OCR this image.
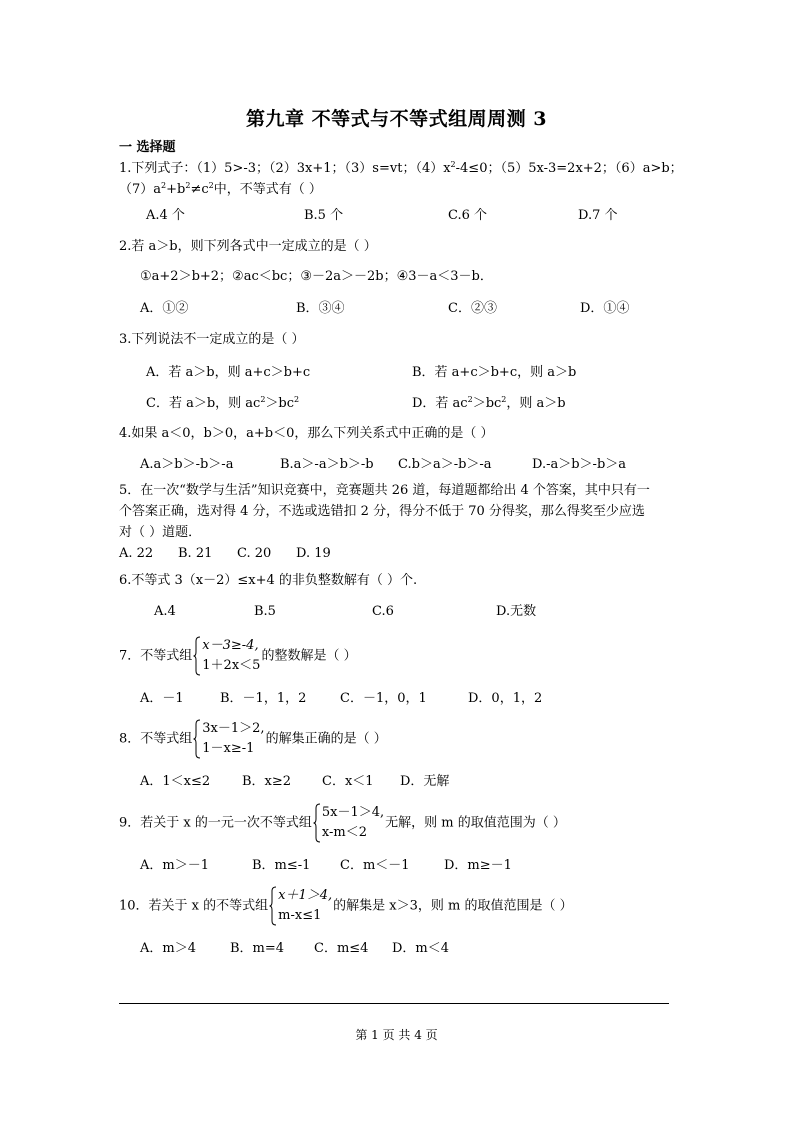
第九章 不等式与不等式组周周测 3
一 选择题
1.下列式子：（1）5>-3；（2）3x+1；（3）s=vt；$(4)x^2-4\le 0$；（5）5x-3=2x+2；（6）a>b；
$(7)a^2+b^2\ne c^2$中，不等式有（ ）
A.4 个	B.5 个	C.6 个	D.7 个
2.若 a＞b，则下列各式中一定成立的是（ ）
①a+2＞b+2；②ac＜bc；③－2a＞－2b；④3－a＜3－b．
A．①②	B．③④	C．②③	D．①④
3.下列说法不一定成立的是（ ）
A．若 a＞b，则 a+c＞b+c	B．若 a+c＞b+c，则 a＞b
C．若 a＞b，则 $ac^2>bc^2$	D．若 $ac^2>bc^2$，则 a＞b
4.如果 a＜0，b＞0，a+b＜0，那么下列关系式中正确的是（ ）
A.a＞b＞-b＞-a	B.a＞-a＞b＞-b C.b＞a＞-b＞-a	D.-a＞b＞-b＞a
5．在一次“数学与生活”知识竞赛中，竞赛题共 26 道，每道题都给出 4 个答案，其中只有一
个答案正确，选对得 4 分，不选或选错扣 2 分，得分不低于 70 分得奖，那么得奖至少应选
对（ ）道题．
A. 22 B. 21 C. 20 D. 19
6.不等式 3（x－2）≤x+4 的非负整数解有（ ）个.
A.4	B.5	C.6	D.无数
7．不等式组
x－3≥-4,
1＋2x＜5
的整数解是（ ）
A．－1	B．－1，1，2	C．－1，0，1	D．0，1，2
8．不等式组
3x－1＞2,
1－x≥-1
的解集正确的是（ ）
A．1＜x≤2 B．x≥2 C．x＜1 D．无解
9．若关于 x 的一元一次不等式组
5x－1＞4,
x-m＜2
无解，则 m 的取值范围为（ ）
A．m＞－1	B．m≤-1 C．m＜－1	D．m≥－1
10．若关于 x 的不等式组
x＋1＞4,
m-x≤1
的解集是 x＞3，则 m 的取值范围是（ ）
A．m＞4	B．m=4 C．m≤4 D．m＜4
第 1 页 共 4 页
